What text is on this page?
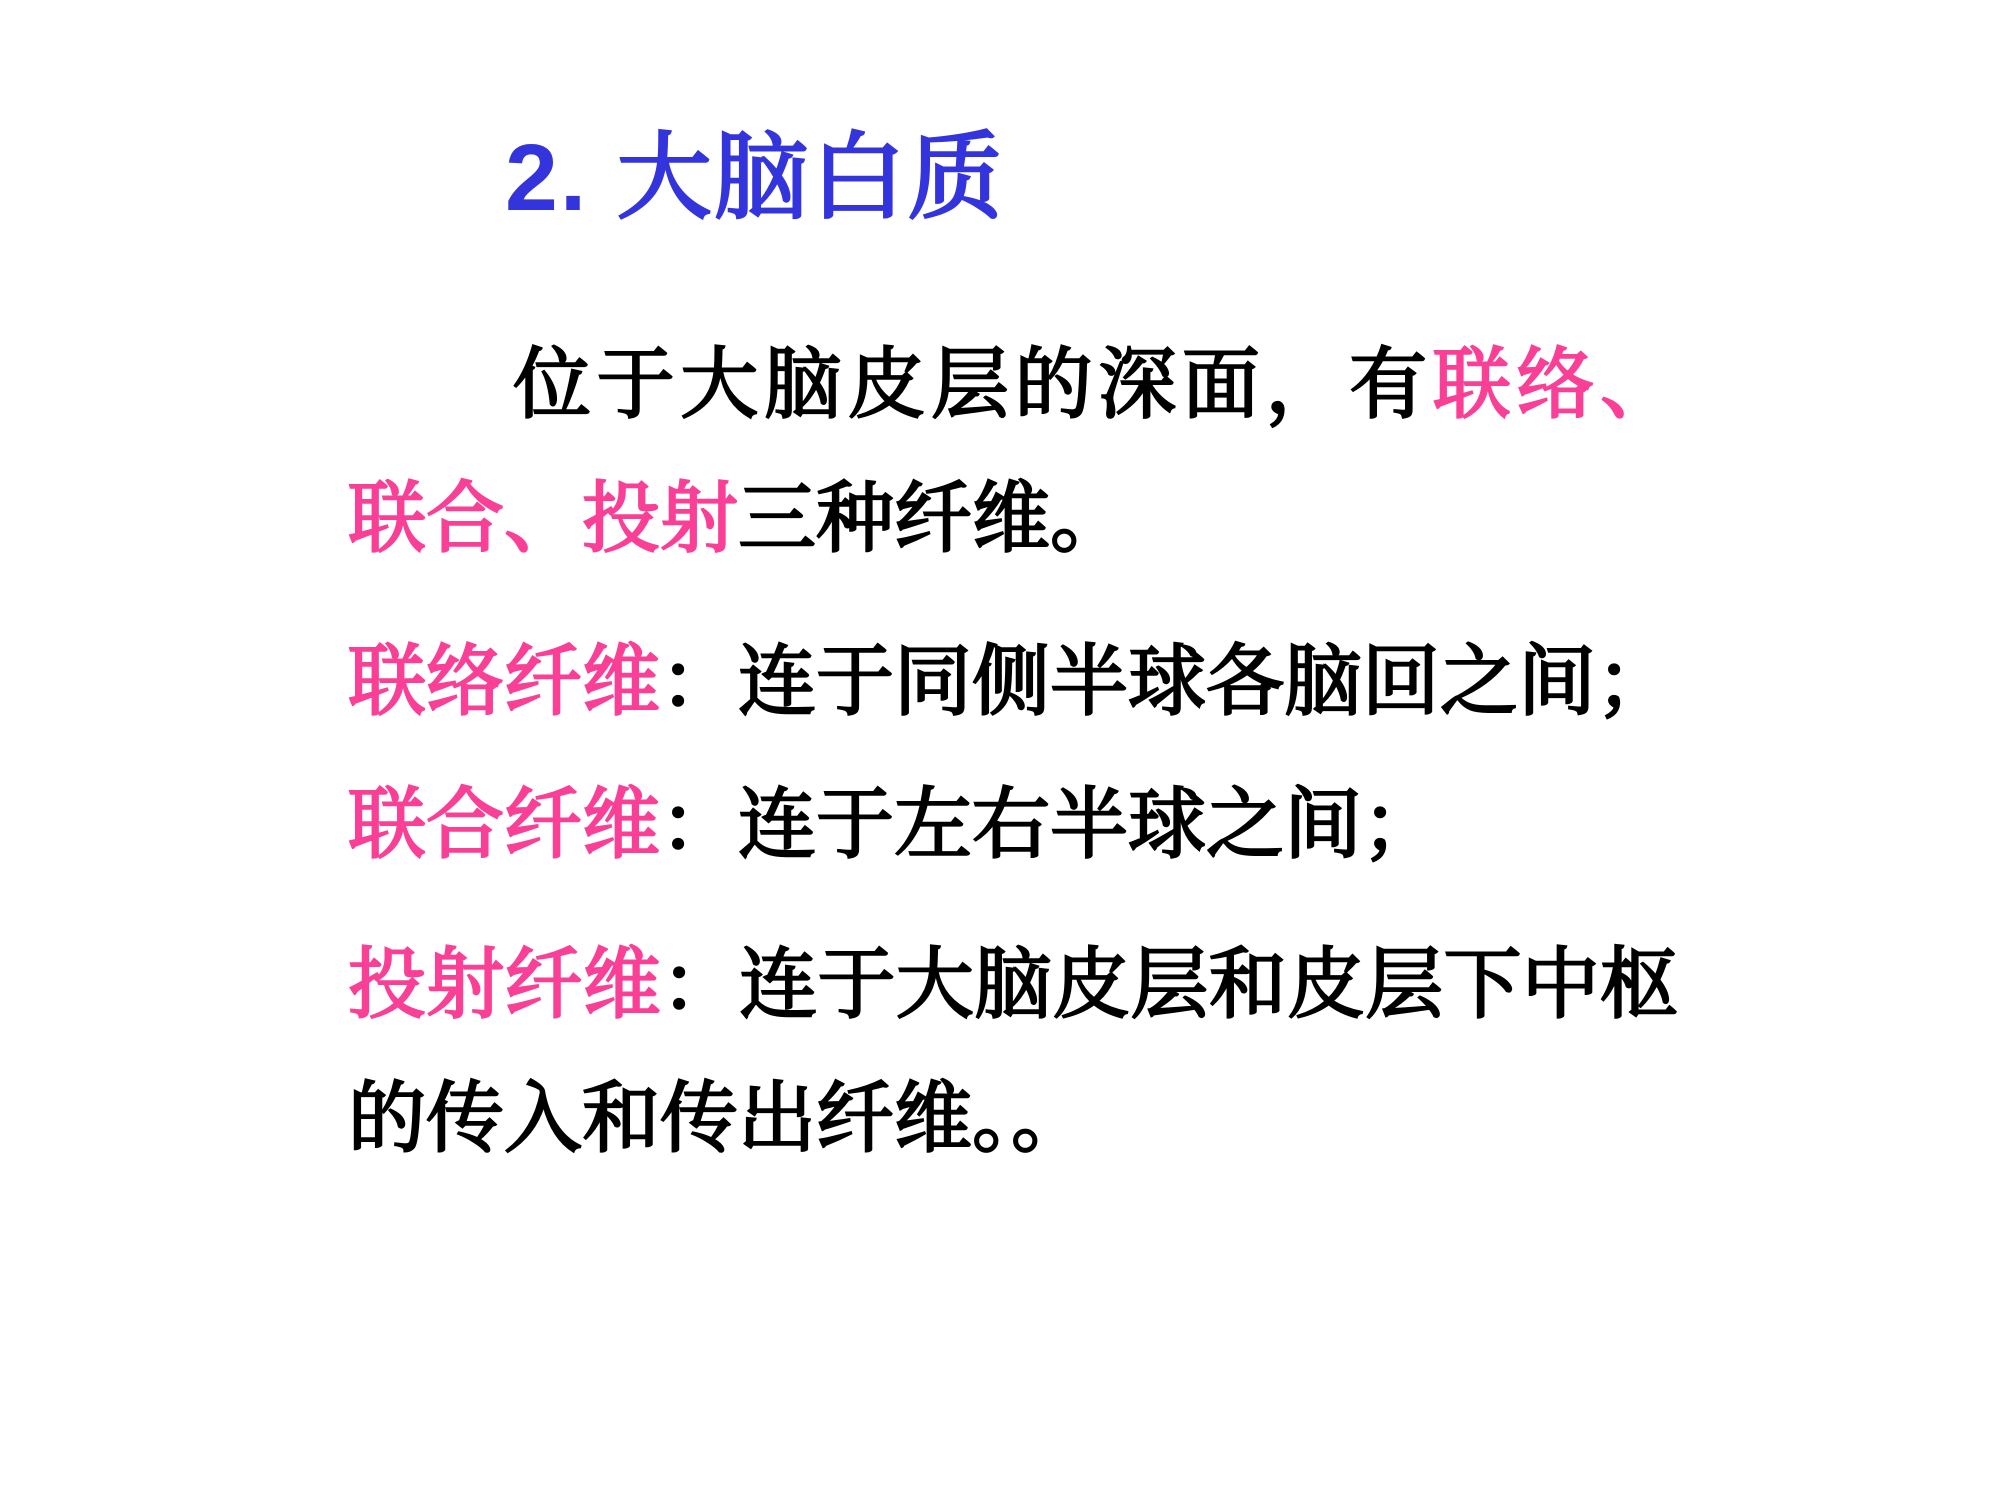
2. 大脑白质

位于大脑皮层的深面，有联络、联合、投射三种纤维。

联络纤维：连于同侧半球各脑回之间；

联合纤维：连于左右半球之间；

投射纤维：连于大脑皮层和皮层下中枢的传入和传出纤维。。
